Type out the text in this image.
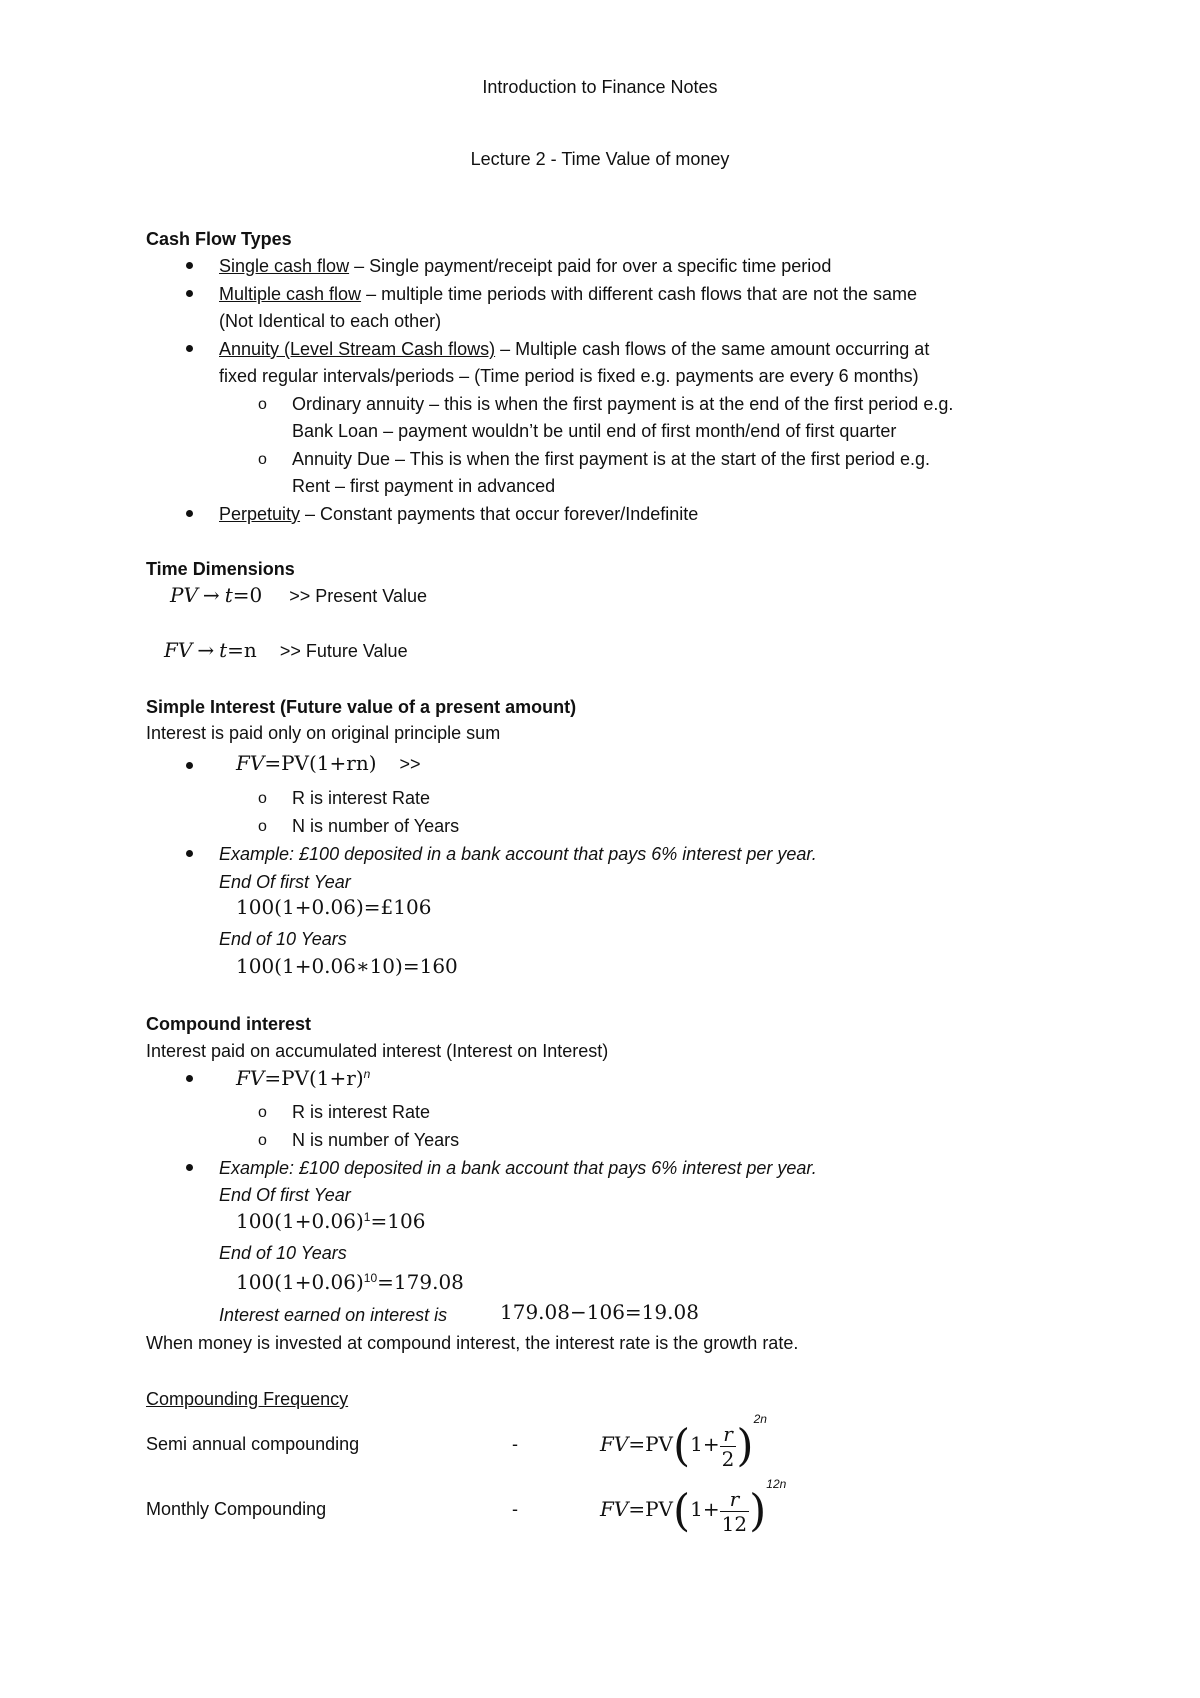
Introduction to Finance Notes
Lecture 2 - Time Value of money
Cash Flow Types
Single cash flow – Single payment/receipt paid for over a specific time period
Multiple cash flow – multiple time periods with different cash flows that are not the same
(Not Identical to each other)
Annuity (Level Stream Cash flows) – Multiple cash flows of the same amount occurring at
fixed regular intervals/periods – (Time period is fixed e.g. payments are every 6 months)
o Ordinary annuity – this is when the first payment is at the end of the first period e.g.
Bank Loan – payment wouldn’t be until end of first month/end of first quarter
o Annuity Due – This is when the first payment is at the start of the first period e.g.
Rent – first payment in advanced
Perpetuity – Constant payments that occur forever/Indefinite
Time Dimensions
PV → t=0 >> Present Value
FV → t=n >> Future Value
Simple Interest (Future value of a present amount)
Interest is paid only on original principle sum
FV=PV(1+rn) >>
o R is interest Rate
o N is number of Years
Example: £100 deposited in a bank account that pays 6% interest per year.
End Of first Year
100(1+0.06)=£106
End of 10 Years
100(1+0.06∗10)=160
Compound interest
Interest paid on accumulated interest (Interest on Interest)
$FV=PV(1+r)^n$
o R is interest Rate
o N is number of Years
Example: £100 deposited in a bank account that pays 6% interest per year.
End Of first Year
$100(1+0.06)^1=106$
End of 10 Years
$100(1+0.06)^{10}=179.08$
Interest earned on interest is	179.08−106=19.08
When money is invested at compound interest, the interest rate is the growth rate.
Compounding Frequency
Semi annual compounding	-	$FV=PV(1+ \frac{r}{2} )^{2n}$
Monthly Compounding	-	$FV=PV(1+ \frac{r}{12} )^{12n}$
